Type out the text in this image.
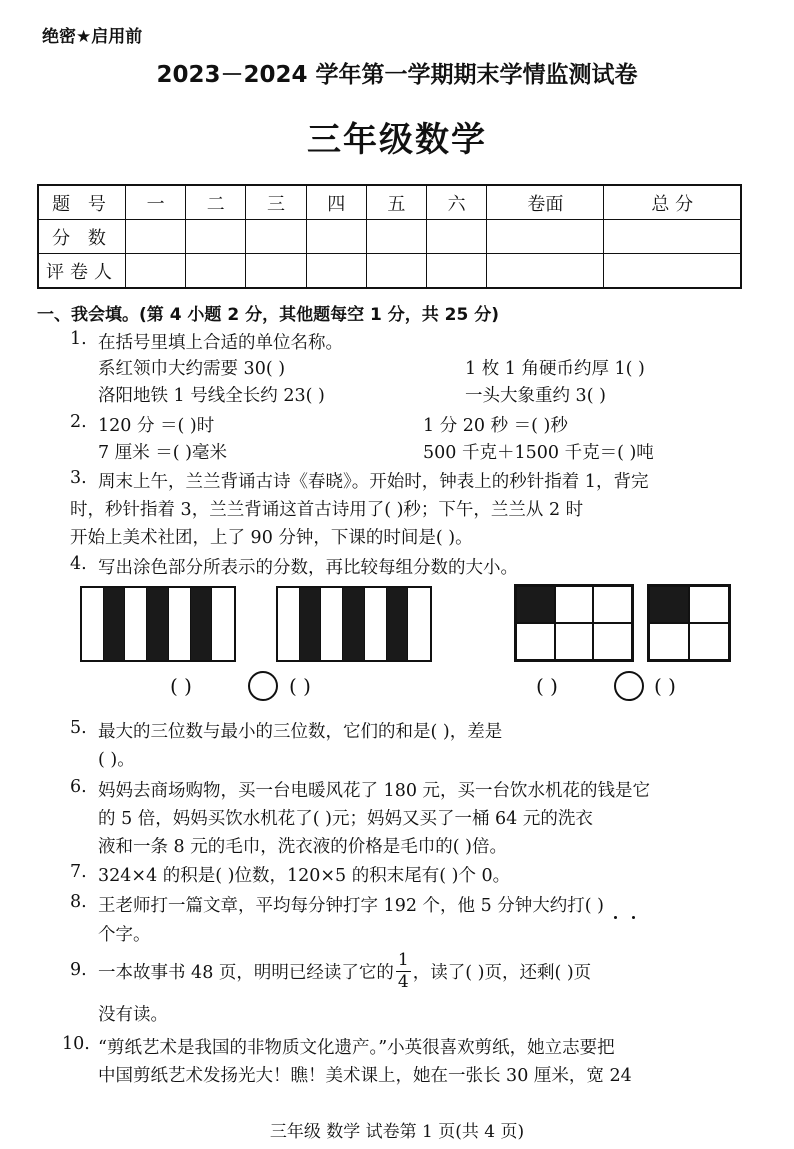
绝密★启用前
2023－2024 学年第一学期期末学情监测试卷
三年级数学
题 号	一	二	三	四	五	六	卷面	总 分
分 数								
评卷人								
一、我会填。(第 4 小题 2 分，其他题每空 1 分，共 25 分)
1. 在括号里填上合适的单位名称。
系红领巾大约需要 30( )	1 枚 1 角硬币约厚 1( )
洛阳地铁 1 号线全长约 23( )	一头大象重约 3( )
2. 120 分 ＝( )时	1 分 20 秒 ＝( )秒
7 厘米 ＝( )毫米	500 千克＋1500 千克＝( )吨
3. 周末上午，兰兰背诵古诗《春晓》。开始时，钟表上的秒针指着 1，背完
时，秒针指着 3，兰兰背诵这首古诗用了( )秒；下午，兰兰从 2 时
开始上美术社团，上了 90 分钟，下课的时间是( )。
4. 写出涂色部分所表示的分数，再比较每组分数的大小。
( )	( )	( )	( )
5. 最大的三位数与最小的三位数，它们的和是( )，差是
( )。
6. 妈妈去商场购物，买一台电暖风花了 180 元，买一台饮水机花的钱是它
的 5 倍，妈妈买饮水机花了( )元；妈妈又买了一桶 64 元的洗衣
液和一条 8 元的毛巾，洗衣液的价格是毛巾的( )倍。
7. 324×4 的积是( )位数，120×5 的积末尾有( )个 0。
8. 王老师打一篇文章，平均每分钟打字 192 个，他 5 分钟大约打( )
个字。
9. 一本故事书 48 页，明明已经读了它的 $\frac{1}{4}$ ，读了( )页，还剩( )页
没有读。
10. “剪纸艺术是我国的非物质文化遗产。”小英很喜欢剪纸，她立志要把
中国剪纸艺术发扬光大！瞧！美术课上，她在一张长 30 厘米，宽 24
三年级 数学 试卷第 1 页(共 4 页)
